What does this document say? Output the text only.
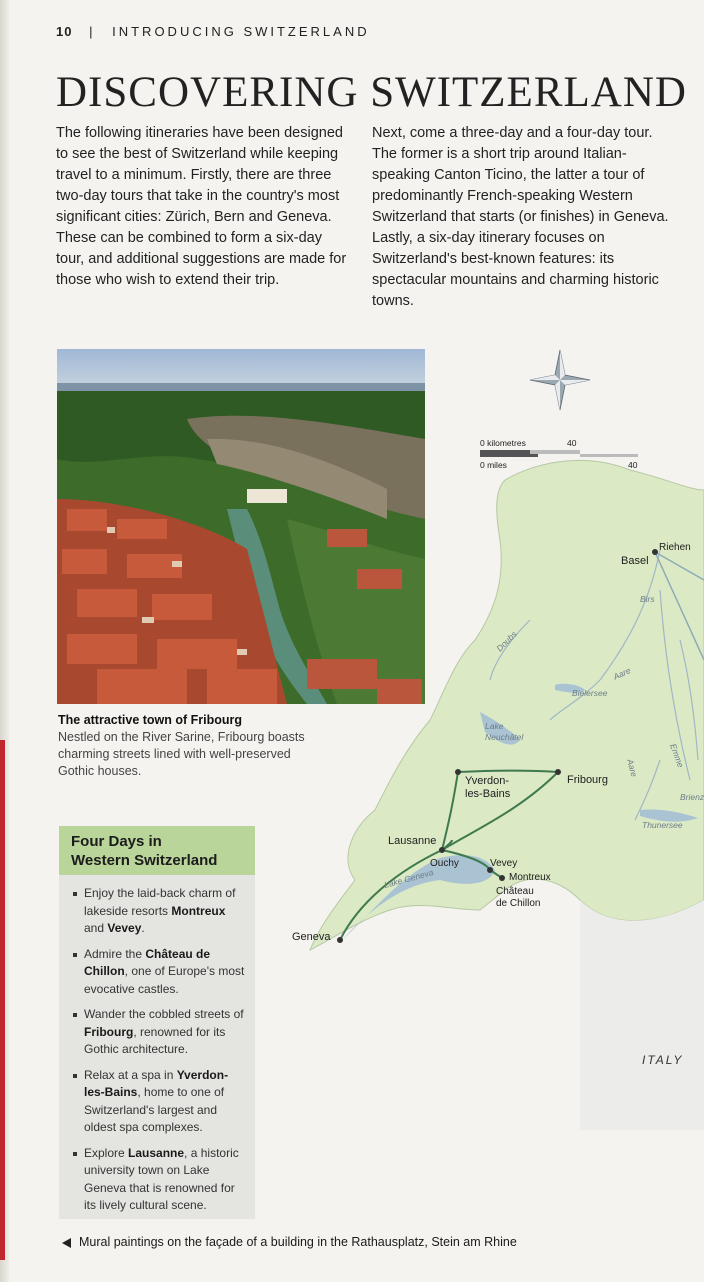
10 | INTRODUCING SWITZERLAND
DISCOVERING SWITZERLAND

The following itineraries have been designed to see the best of Switzerland while keeping travel to a minimum. Firstly, there are three two-day tours that take in the country's most significant cities: Zürich, Bern and Geneva. These can be combined to form a six-day tour, and additional suggestions are made for those who wish to extend their trip.

Next, come a three-day and a four-day tour. The former is a short trip around Italian-speaking Canton Ticino, the latter a tour of predominantly French-speaking Western Switzerland that starts (or finishes) in Geneva. Lastly, a six-day itinerary focuses on Switzerland's best-known features: its spectacular mountains and charming historic towns.

The attractive town of Fribourg
Nestled on the River Sarine, Fribourg boasts charming streets lined with well-preserved Gothic houses.
0 kilometres	40
0 miles	40
Basel
Riehen
Yverdon-
les-Bains
Fribourg
Lausanne
Ouchy	Vevey
Montreux
Château
de Chillon
Geneva
Birs
Doubs
Aare
Aare	Emme
Bielersee
Lake
Neuchâtel
Brienz
Thunersee
Lake Geneva
ITALY
Four Days in
Western Switzerland
Enjoy the laid-back charm of lakeside resorts Montreux and Vevey.
Admire the Château de Chillon, one of Europe's most evocative castles.
Wander the cobbled streets of Fribourg, renowned for its Gothic architecture.
Relax at a spa in Yverdon-les-Bains, home to one of Switzerland's largest and oldest spa complexes.
Explore Lausanne, a historic university town on Lake Geneva that is renowned for its lively cultural scene.
Mural paintings on the façade of a building in the Rathausplatz, Stein am Rhine
